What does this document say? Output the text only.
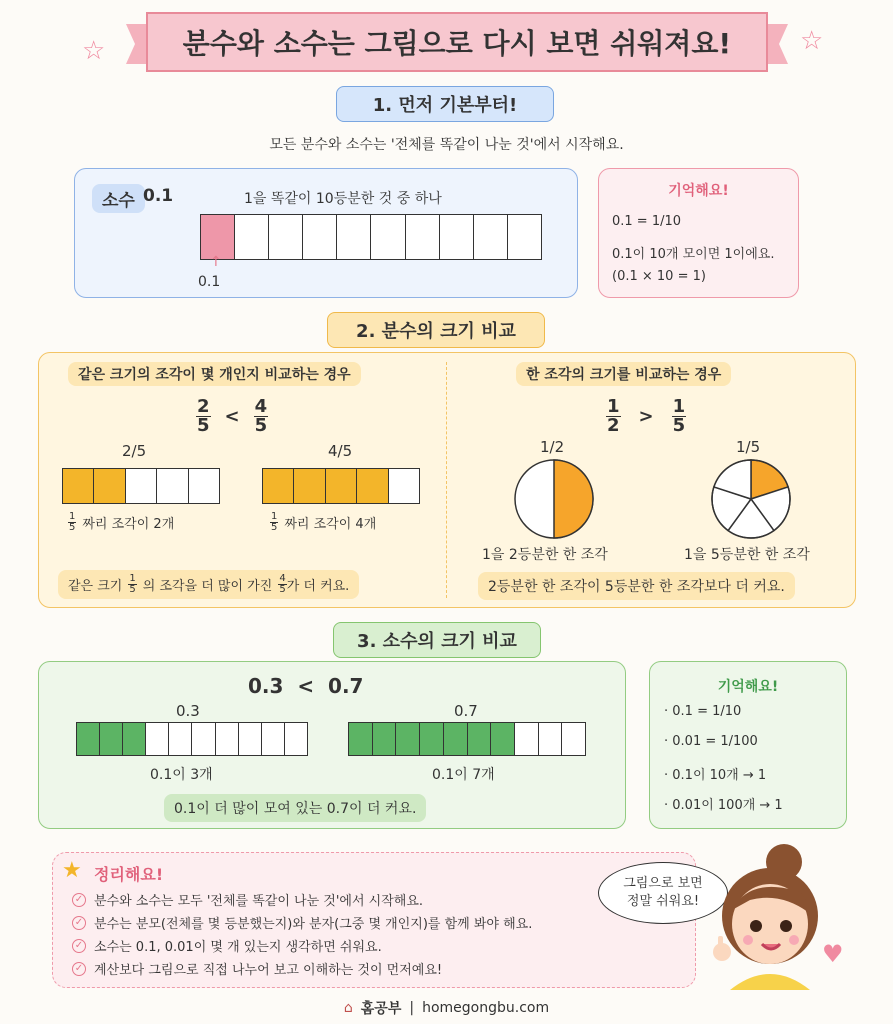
☆	☆
분수와 소수는 그림으로 다시 보면 쉬워져요!
1. 먼저 기본부터!
모든 분수와 소수는 '전체를 똑같이 나눈 것'에서 시작해요.
소수 0.1	1을 똑같이 10등분한 것 중 하나
↑
0.1
기억해요!
0.1 = 1/10
0.1이 10개 모이면 1이에요.
(0.1 × 10 = 1)
2. 분수의 크기 비교
같은 크기의 조각이 몇 개인지 비교하는 경우
$\frac{2}{5} < \frac{4}{5}$
2/5	4/5
$\frac{1}{5}$ 짜리 조각이 2개	$\frac{1}{5}$ 짜리 조각이 4개
같은 크기 $\frac{1}{5}$ 의 조각을 더 많이 가진 $\frac{4}{5}$ 가 더 커요.
한 조각의 크기를 비교하는 경우
$\frac{1}{2} > \frac{1}{5}$
1/2	1/5
1을 2등분한 한 조각	1을 5등분한 한 조각
2등분한 한 조각이 5등분한 한 조각보다 더 커요.
3. 소수의 크기 비교
0.3  <  0.7
0.3	0.7
0.1이 3개	0.1이 7개
0.1이 더 많이 모여 있는 0.7이 더 커요.
기억해요!
· 0.1 = 1/10
· 0.01 = 1/100
· 0.1이 10개 → 1
· 0.01이 100개 → 1
★ 정리해요!
✓ 분수와 소수는 모두 '전체를 똑같이 나눈 것'에서 시작해요.
✓ 분수는 분모(전체를 몇 등분했는지)와 분자(그중 몇 개인지)를 함께 봐야 해요.
✓ 소수는 0.1, 0.01이 몇 개 있는지 생각하면 쉬워요.
✓ 계산보다 그림으로 직접 나누어 보고 이해하는 것이 먼저예요!
그림으로 보면
정말 쉬워요!
♥
⌂ 홈공부 | homegongbu.com
